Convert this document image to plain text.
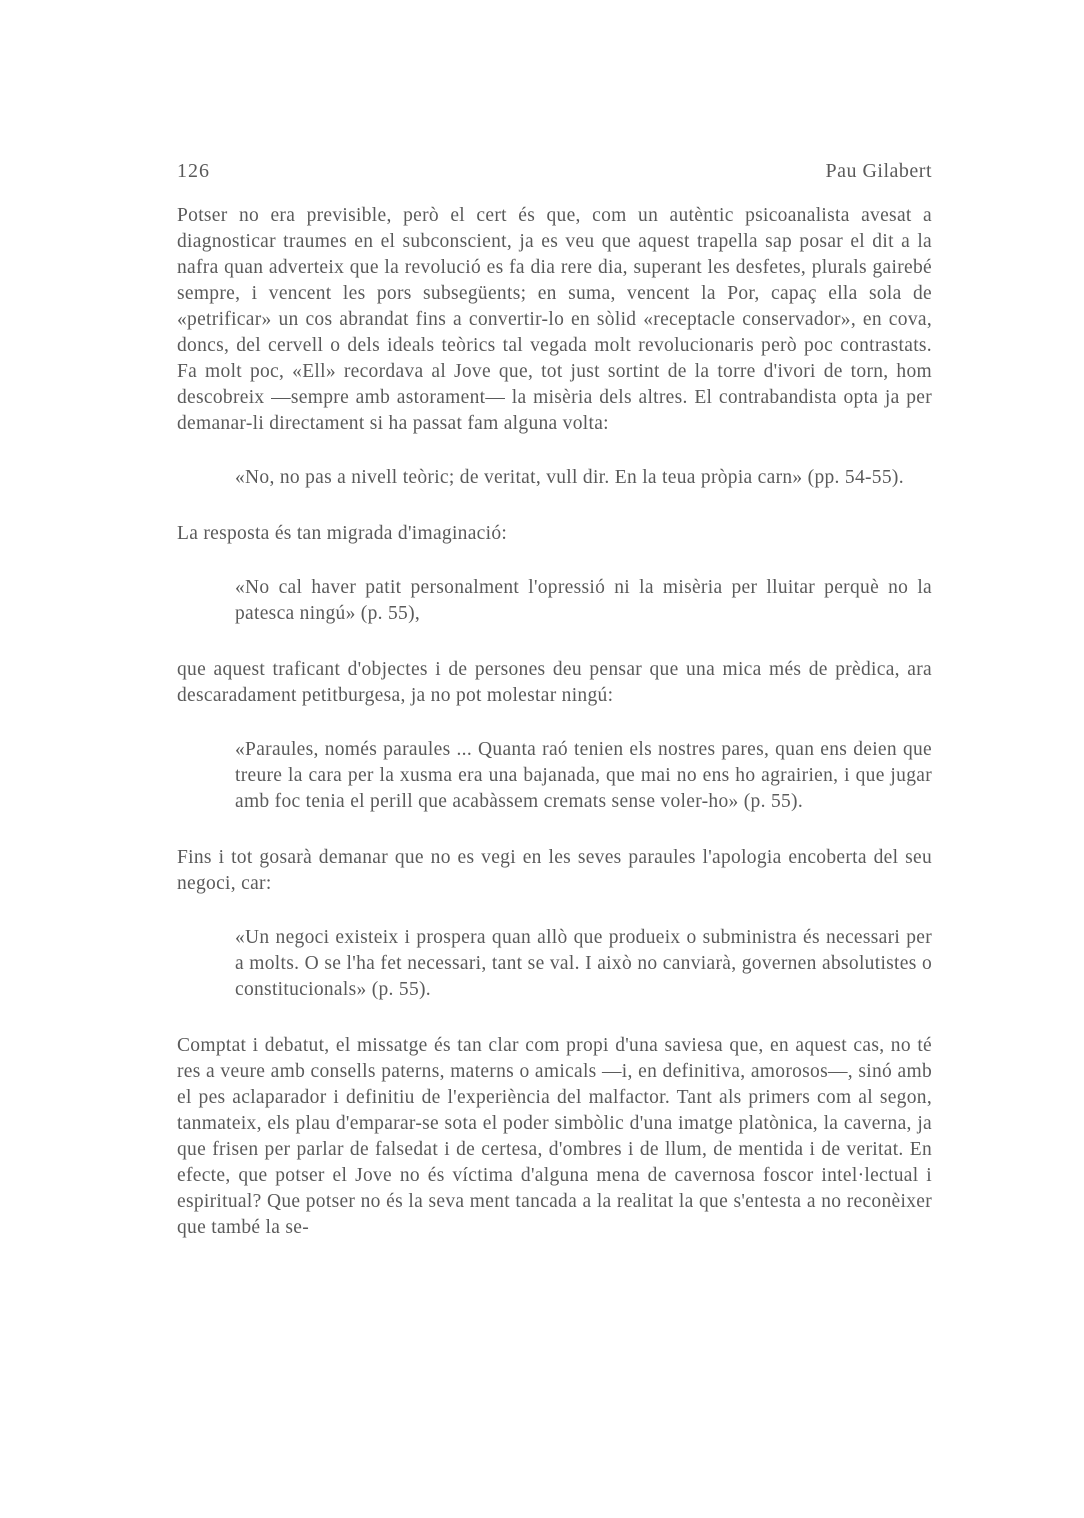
126	Pau Gilabert

Potser no era previsible, però el cert és que, com un autèntic psicoanalista avesat a diagnosticar traumes en el subconscient, ja es veu que aquest trapella sap posar el dit a la nafra quan adverteix que la revolució es fa dia rere dia, superant les desfetes, plurals gairebé sempre, i vencent les pors subsegüents; en suma, vencent la Por, capaç ella sola de «petrificar» un cos abrandat fins a convertir-lo en sòlid «receptacle conservador», en cova, doncs, del cervell o dels ideals teòrics tal vegada molt revolucionaris però poc contrastats. Fa molt poc, «Ell» recordava al Jove que, tot just sortint de la torre d'ivori de torn, hom descobreix —sempre amb astorament— la misèria dels altres. El contrabandista opta ja per demanar-li directament si ha passat fam alguna volta:

«No, no pas a nivell teòric; de veritat, vull dir. En la teua pròpia carn» (pp. 54-55).

La resposta és tan migrada d'imaginació:

«No cal haver patit personalment l'opressió ni la misèria per lluitar perquè no la patesca ningú» (p. 55),

que aquest traficant d'objectes i de persones deu pensar que una mica més de prèdica, ara descaradament petitburgesa, ja no pot molestar ningú:

«Paraules, només paraules ... Quanta raó tenien els nostres pares, quan ens deien que treure la cara per la xusma era una bajanada, que mai no ens ho agrairien, i que jugar amb foc tenia el perill que acabàssem cremats sense voler-ho» (p. 55).

Fins i tot gosarà demanar que no es vegi en les seves paraules l'apologia encoberta del seu negoci, car:

«Un negoci existeix i prospera quan allò que produeix o subministra és necessari per a molts. O se l'ha fet necessari, tant se val. I això no canviarà, governen absolutistes o constitucionals» (p. 55).

Comptat i debatut, el missatge és tan clar com propi d'una saviesa que, en aquest cas, no té res a veure amb consells paterns, materns o amicals —i, en definitiva, amorosos—, sinó amb el pes aclaparador i definitiu de l'experiència del malfactor. Tant als primers com al segon, tanmateix, els plau d'emparar-se sota el poder simbòlic d'una imatge platònica, la caverna, ja que frisen per parlar de falsedat i de certesa, d'ombres i de llum, de mentida i de veritat. En efecte, que potser el Jove no és víctima d'alguna mena de cavernosa foscor intel·lectual i espiritual? Que potser no és la seva ment tancada a la realitat la que s'entesta a no reconèixer que també la se-
